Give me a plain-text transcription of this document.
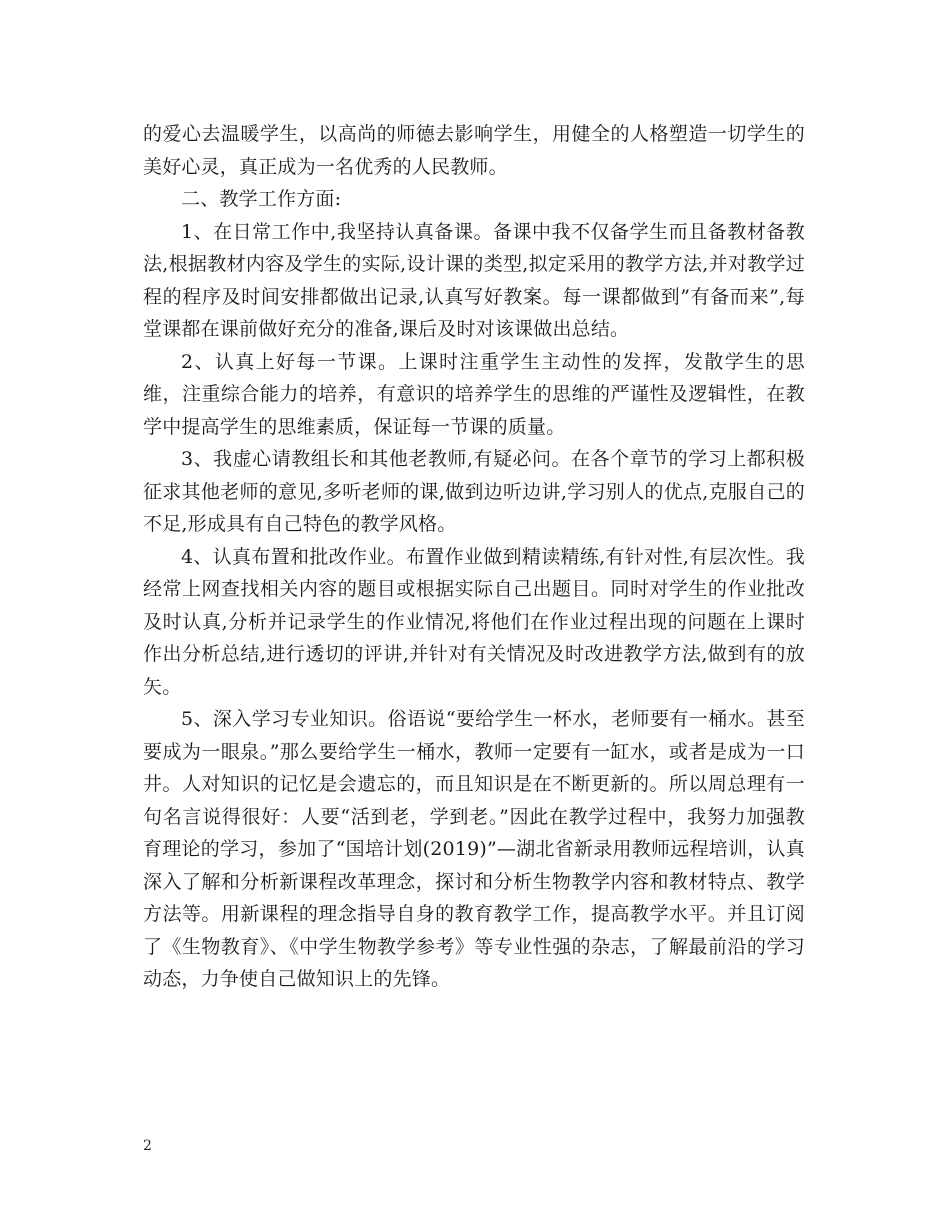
的爱心去温暖学生，以高尚的师德去影响学生，用健全的人格塑造一切学生的美好心灵，真正成为一名优秀的人民教师。

二、教学工作方面:

1、在日常工作中,我坚持认真备课。备课中我不仅备学生而且备教材备教法,根据教材内容及学生的实际,设计课的类型,拟定采用的教学方法,并对教学过程的程序及时间安排都做出记录,认真写好教案。每一课都做到”有备而来”,每堂课都在课前做好充分的准备,课后及时对该课做出总结。

2、认真上好每一节课。上课时注重学生主动性的发挥，发散学生的思维，注重综合能力的培养，有意识的培养学生的思维的严谨性及逻辑性，在教学中提高学生的思维素质，保证每一节课的质量。

3、我虚心请教组长和其他老教师,有疑必问。在各个章节的学习上都积极征求其他老师的意见,多听老师的课,做到边听边讲,学习别人的优点,克服自己的不足,形成具有自己特色的教学风格。

4、认真布置和批改作业。布置作业做到精读精练,有针对性,有层次性。我经常上网查找相关内容的题目或根据实际自己出题目。同时对学生的作业批改及时认真,分析并记录学生的作业情况,将他们在作业过程出现的问题在上课时作出分析总结,进行透切的评讲,并针对有关情况及时改进教学方法,做到有的放矢。

5、深入学习专业知识。俗语说“要给学生一杯水，老师要有一桶水。甚至要成为一眼泉。”那么要给学生一桶水，教师一定要有一缸水，或者是成为一口井。人对知识的记忆是会遗忘的，而且知识是在不断更新的。所以周总理有一句名言说得很好：人要“活到老，学到老。”因此在教学过程中，我努力加强教育理论的学习，参加了“国培计划(2019)”—湖北省新录用教师远程培训，认真深入了解和分析新课程改革理念，探讨和分析生物教学内容和教材特点、教学方法等。用新课程的理念指导自身的教育教学工作，提高教学水平。并且订阅了《生物教育》、《中学生物教学参考》等专业性强的杂志，了解最前沿的学习动态，力争使自己做知识上的先锋。

2
